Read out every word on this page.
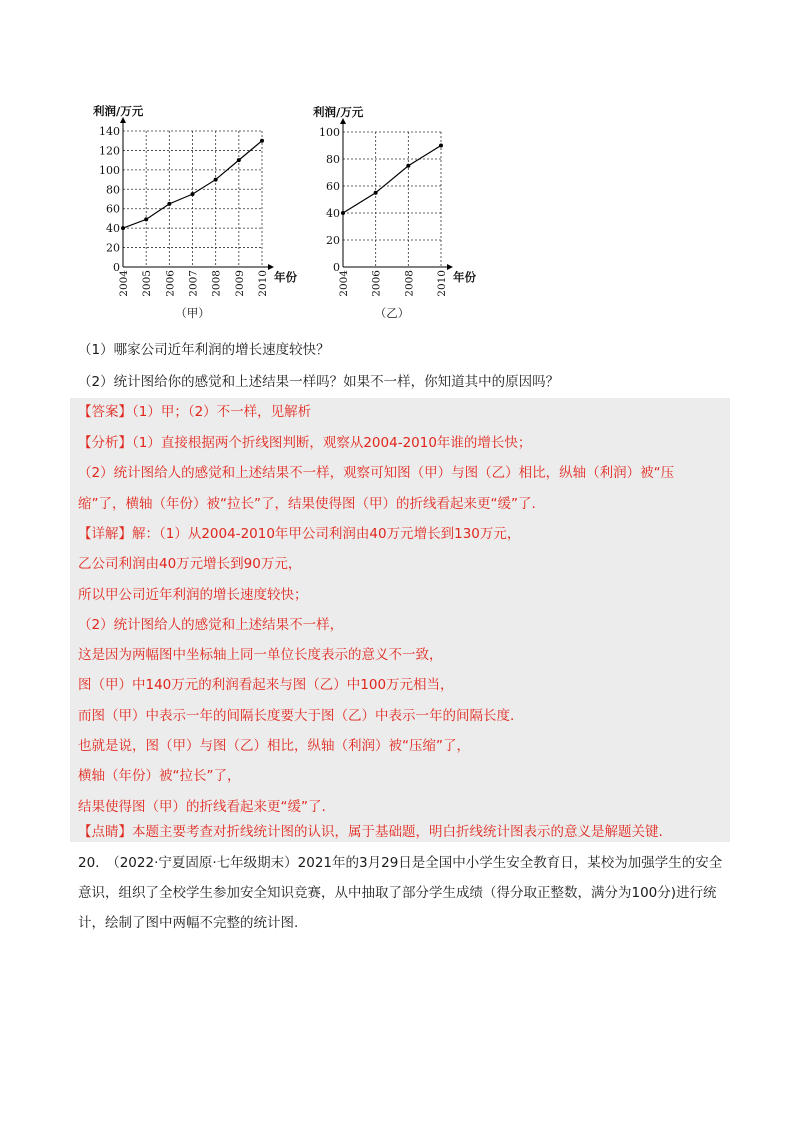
0
20
40
60
80
100
120
140
2004 2005 2006 2007 2008 2009 2010
利润/万元
年份
（甲）
0
20
40
60
80
100
2004 2006 2008 2010
利润/万元
年份
（乙）
（1）哪家公司近年利润的增长速度较快？
（2）统计图给你的感觉和上述结果一样吗？如果不一样，你知道其中的原因吗？
【答案】（1）甲；（2）不一样，见解析
【分析】（1）直接根据两个折线图判断，观察从2004-2010年谁的增长快；
（2）统计图给人的感觉和上述结果不一样，观察可知图（甲）与图（乙）相比，纵轴（利润）被“压
缩”了，横轴（年份）被“拉长”了，结果使得图（甲）的折线看起来更“缓”了.
【详解】解：（1）从2004-2010年甲公司利润由40万元增长到130万元，
乙公司利润由40万元增长到90万元，
所以甲公司近年利润的增长速度较快；
（2）统计图给人的感觉和上述结果不一样，
这是因为两幅图中坐标轴上同一单位长度表示的意义不一致，
图（甲）中140万元的利润看起来与图（乙）中100万元相当，
而图（甲）中表示一年的间隔长度要大于图（乙）中表示一年的间隔长度.
也就是说，图（甲）与图（乙）相比，纵轴（利润）被“压缩”了，
横轴（年份）被“拉长”了，
结果使得图（甲）的折线看起来更“缓”了.
【点睛】本题主要考查对折线统计图的认识，属于基础题，明白折线统计图表示的意义是解题关键.
20.　（2022·宁夏固原·七年级期末）2021年的3月29日是全国中小学生安全教育日，某校为加强学生的安全意识，组织了全校学生参加安全知识竞赛，从中抽取了部分学生成绩（得分取正整数，满分为100分)进行统计，绘制了图中两幅不完整的统计图.
